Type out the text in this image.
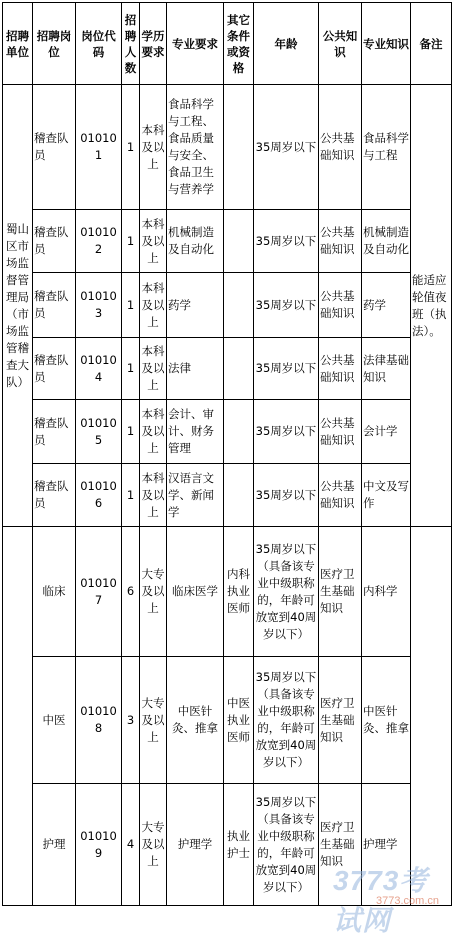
招聘单位	招聘岗位	岗位代码	招聘人数	学历要求	专业要求	其它条件或资格	年龄	公共知识	专业知识	备注
蜀山区市场监督管理局（市场监管稽查大队）	稽查队员	010101	1	本科及以上	食品科学与工程、食品质量与安全、食品卫生与营养学		35周岁以下	公共基础知识	食品科学与工程	能适应轮值夜班（执法）。
	稽查队员	010102	1	本科及以上	机械制造及自动化		35周岁以下	公共基础知识	机械制造及自动化	
	稽查队员	010103	1	本科及以上	药学		35周岁以下	公共基础知识	药学	
	稽查队员	010104	1	本科及以上	法律		35周岁以下	公共基础知识	法律基础知识	
	稽查队员	010105	1	本科及以上	会计、审计、财务管理		35周岁以下	公共基础知识	会计学	
	稽查队员	010106	1	本科及以上	汉语言文学、新闻学		35周岁以下	公共基础知识	中文及写作	
	临床	010107	6	大专及以上	临床医学	内科执业医师	35周岁以下（具备该专业中级职称的，年龄可放宽到40周岁以下）	医疗卫生基础知识	内科学	
	中医	010108	3	大专及以上	中医针灸、推拿	中医执业医师	35周岁以下（具备该专业中级职称的，年龄可放宽到40周岁以下）	医疗卫生基础知识	中医针灸、推拿	
	护理	010109	4	大专及以上	护理学	执业护士	35周岁以下（具备该专业中级职称的，年龄可放宽到40周岁以下）	医疗卫生基础知识	护理学	
3773考试网
3773.com.cn
